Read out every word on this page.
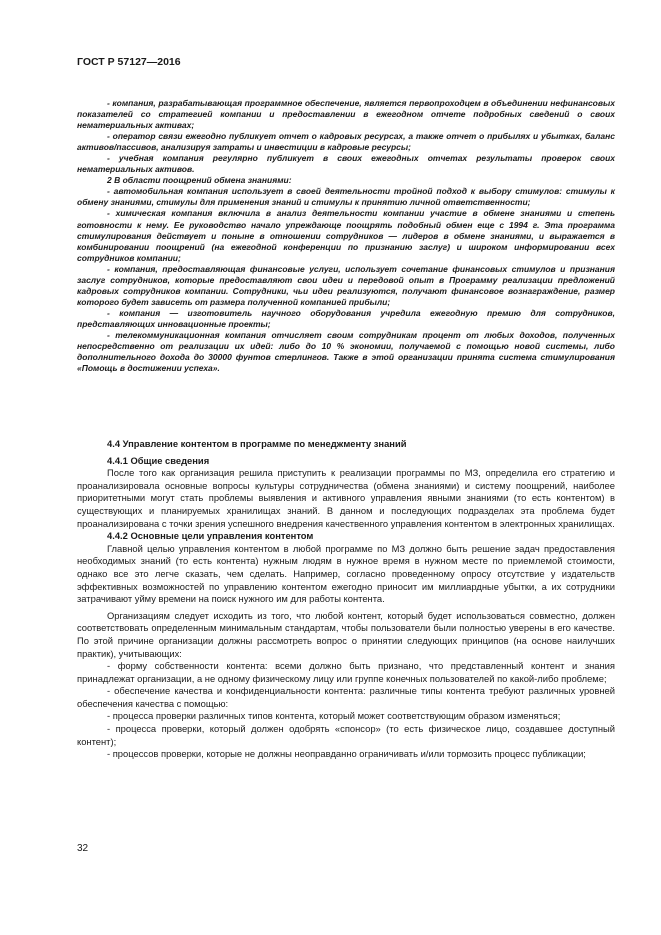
ГОСТ Р 57127—2016

- компания, разрабатывающая программное обеспечение, является первопроходцем в объединении нефинансовых показателей со стратегией компании и предоставлении в ежегодном отчете подробных сведений о своих нематериальных активах;

- оператор связи ежегодно публикует отчет о кадровых ресурсах, а также отчет о прибылях и убытках, баланс активов/пассивов, анализируя затраты и инвестиции в кадровые ресурсы;

- учебная компания регулярно публикует в своих ежегодных отчетах результаты проверок своих нематериальных активов.

2 В области поощрений обмена знаниями:

- автомобильная компания использует в своей деятельности тройной подход к выбору стимулов: стимулы к обмену знаниями, стимулы для применения знаний и стимулы к принятию личной ответственности;

- химическая компания включила в анализ деятельности компании участие в обмене знаниями и степень готовности к нему. Ее руководство начало упреждающе поощрять подобный обмен еще с 1994 г. Эта программа стимулирования действует и поныне в отношении сотрудников — лидеров в обмене знаниями, и выражается в комбинировании поощрений (на ежегодной конференции по признанию заслуг) и широком информировании всех сотрудников компании;

- компания, предоставляющая финансовые услуги, использует сочетание финансовых стимулов и признания заслуг сотрудников, которые предоставляют свои идеи и передовой опыт в Программу реализации предложений кадровых сотрудников компании. Сотрудники, чьи идеи реализуются, получают финансовое вознаграждение, размер которого будет зависеть от размера полученной компанией прибыли;

- компания — изготовитель научного оборудования учредила ежегодную премию для сотрудников, представляющих инновационные проекты;

- телекоммуникационная компания отчисляет своим сотрудникам процент от любых доходов, полученных непосредственно от реализации их идей: либо до 10 % экономии, получаемой с помощью новой системы, либо дополнительного дохода до 30000 фунтов стерлингов. Также в этой организации принята система стимулирования «Помощь в достижении успеха».

4.4 Управление контентом в программе по менеджменту знаний

4.4.1 Общие сведения

После того как организация решила приступить к реализации программы по МЗ, определила его стратегию и проанализировала основные вопросы культуры сотрудничества (обмена знаниями) и систему поощрений, наиболее приоритетными могут стать проблемы выявления и активного управления явными знаниями (то есть контентом) в существующих и планируемых хранилищах знаний. В данном и последующих подразделах эта проблема будет проанализирована с точки зрения успешного внедрения качественного управления контентом в электронных хранилищах.

4.4.2 Основные цели управления контентом

Главной целью управления контентом в любой программе по МЗ должно быть решение задач предоставления необходимых знаний (то есть контента) нужным людям в нужное время в нужном месте по приемлемой стоимости, однако все это легче сказать, чем сделать. Например, согласно проведенному опросу отсутствие у издательств эффективных возможностей по управлению контентом ежегодно приносит им миллиардные убытки, а их сотрудники затрачивают уйму времени на поиск нужного им для работы контента.

Организациям следует исходить из того, что любой контент, который будет использоваться совместно, должен соответствовать определенным минимальным стандартам, чтобы пользователи были полностью уверены в его качестве. По этой причине организации должны рассмотреть вопрос о принятии следующих принципов (на основе наилучших практик), учитывающих:

- форму собственности контента: всеми должно быть признано, что представленный контент и знания принадлежат организации, а не одному физическому лицу или группе конечных пользователей по какой-либо проблеме;

- обеспечение качества и конфиденциальности контента: различные типы контента требуют различных уровней обеспечения качества с помощью:

- процесса проверки различных типов контента, который может соответствующим образом изменяться;

- процесса проверки, который должен одобрять «спонсор» (то есть физическое лицо, создавшее доступный контент);

- процессов проверки, которые не должны неоправданно ограничивать и/или тормозить процесс публикации;

32
